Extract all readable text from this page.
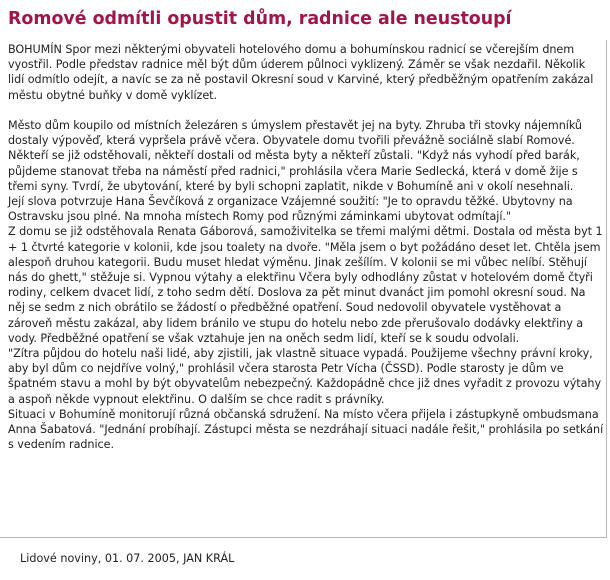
Romové odmítli opustit dům, radnice ale neustoupí

BOHUMÍN Spor mezi některými obyvateli hotelového domu a bohumínskou radnicí se včerejším dnem vyostřil. Podle představ radnice měl být dům úderem půlnoci vyklizený. Záměr se však nezdařil. Několik lidí odmítlo odejít, a navíc se za ně postavil Okresní soud v Karviné, který předběžným opatřením zakázal městu obytné buňky v domě vyklízet.

Město dům koupilo od místních železáren s úmyslem přestavět jej na byty. Zhruba tři stovky nájemníků dostaly výpověď, která vypršela právě včera. Obyvatele domu tvořili převážně sociálně slabí Romové. Někteří se již odstěhovali, někteří dostali od města byty a někteří zůstali. "Když nás vyhodí před barák, půjdeme stanovat třeba na náměstí před radnici," prohlásila včera Marie Sedlecká, která v domě žije s třemi syny. Tvrdí, že ubytování, které by byli schopni zaplatit, nikde v Bohumíně ani v okolí nesehnali.

Její slova potvrzuje Hana Ševčíková z organizace Vzájemné soužití: "Je to opravdu těžké. Ubytovny na Ostravsku jsou plné. Na mnoha místech Romy pod různými záminkami ubytovat odmítají."

Z domu se již odstěhovala Renata Gáborová, samoživitelka se třemi malými dětmi. Dostala od města byt 1 + 1 čtvrté kategorie v kolonii, kde jsou toalety na dvoře. "Měla jsem o byt požádáno deset let. Chtěla jsem alespoň druhou kategorii. Budu muset hledat výměnu. Jinak zešílím. V kolonii se mi vůbec nelíbí. Stěhují nás do ghett," stěžuje si. Vypnou výtahy a elektřinu Včera byly odhodlány zůstat v hotelovém domě čtyři rodiny, celkem dvacet lidí, z toho sedm dětí. Doslova za pět minut dvanáct jim pomohl okresní soud. Na něj se sedm z nich obrátilo se žádostí o předběžné opatření. Soud nedovolil obyvatele vystěhovat a zároveň městu zakázal, aby lidem bránilo ve stupu do hotelu nebo zde přerušovalo dodávky elektřiny a vody. Předběžné opatření se však vztahuje jen na oněch sedm lidí, kteří se k soudu odvolali.

"Zítra půjdou do hotelu naši lidé, aby zjistili, jak vlastně situace vypadá. Použijeme všechny právní kroky, aby byl dům co nejdříve volný," prohlásil včera starosta Petr Vícha (ČSSD). Podle starosty je dům ve špatném stavu a mohl by být obyvatelům nebezpečný. Každopádně chce již dnes vyřadit z provozu výtahy a aspoň někde vypnout elektřinu. O dalším se chce radit s právníky.

Situaci v Bohumíně monitorují různá občanská sdružení. Na místo včera přijela i zástupkyně ombudsmana Anna Šabatová. "Jednání probíhají. Zástupci města se nezdráhají situaci nadále řešit," prohlásila po setkání s vedením radnice.

Lidové noviny, 01. 07. 2005, JAN KRÁL
